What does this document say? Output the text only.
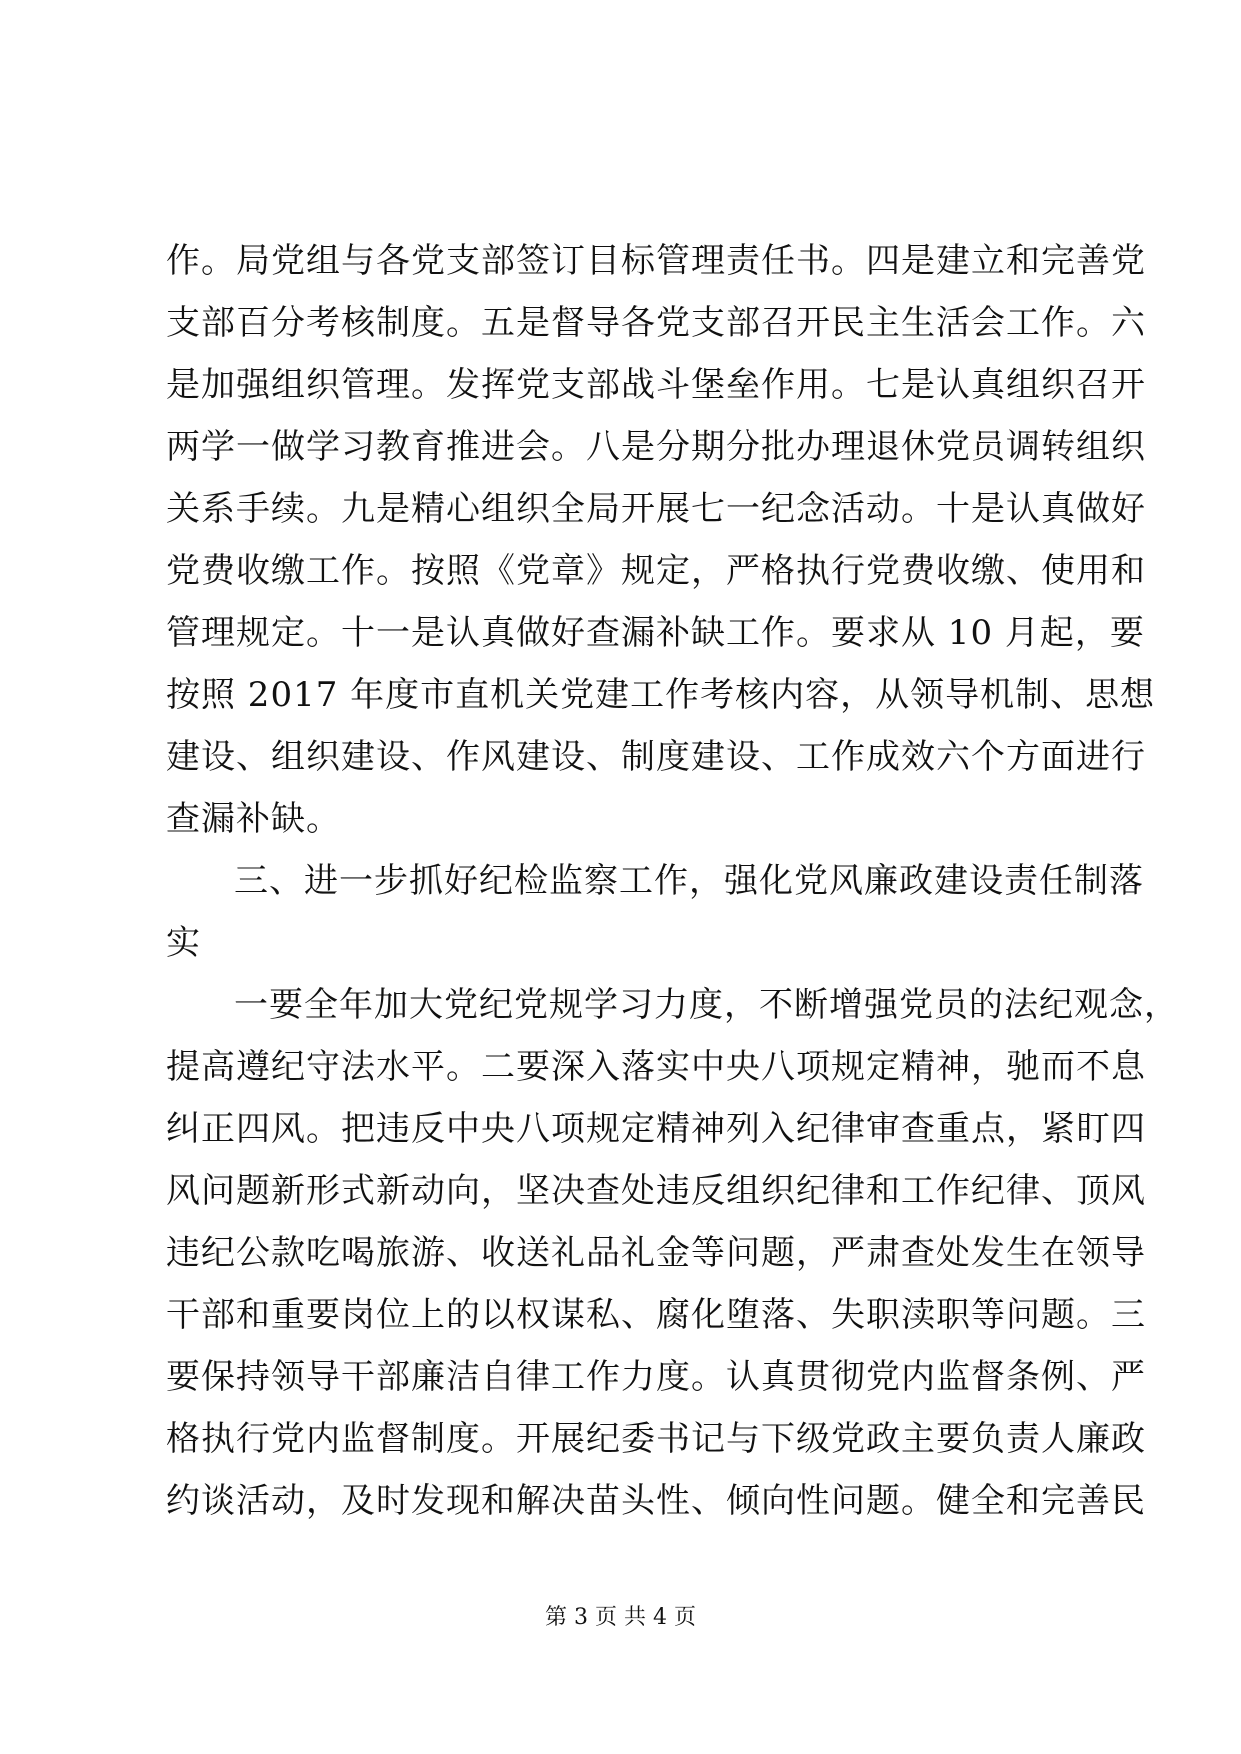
作。局党组与各党支部签订目标管理责任书。四是建立和完善党
支部百分考核制度。五是督导各党支部召开民主生活会工作。六
是加强组织管理。发挥党支部战斗堡垒作用。七是认真组织召开
两学一做学习教育推进会。八是分期分批办理退休党员调转组织
关系手续。九是精心组织全局开展七一纪念活动。十是认真做好
党费收缴工作。按照《党章》规定，严格执行党费收缴、使用和
管理规定。十一是认真做好查漏补缺工作。要求从 10 月起，要
按照 2017 年度市直机关党建工作考核内容，从领导机制、思想
建设、组织建设、作风建设、制度建设、工作成效六个方面进行
查漏补缺。
三、进一步抓好纪检监察工作，强化党风廉政建设责任制落
实
一要全年加大党纪党规学习力度，不断增强党员的法纪观念，
提高遵纪守法水平。二要深入落实中央八项规定精神，驰而不息
纠正四风。把违反中央八项规定精神列入纪律审查重点，紧盯四
风问题新形式新动向，坚决查处违反组织纪律和工作纪律、顶风
违纪公款吃喝旅游、收送礼品礼金等问题，严肃查处发生在领导
干部和重要岗位上的以权谋私、腐化堕落、失职渎职等问题。三
要保持领导干部廉洁自律工作力度。认真贯彻党内监督条例、严
格执行党内监督制度。开展纪委书记与下级党政主要负责人廉政
约谈活动，及时发现和解决苗头性、倾向性问题。健全和完善民
第 3 页 共 4 页
